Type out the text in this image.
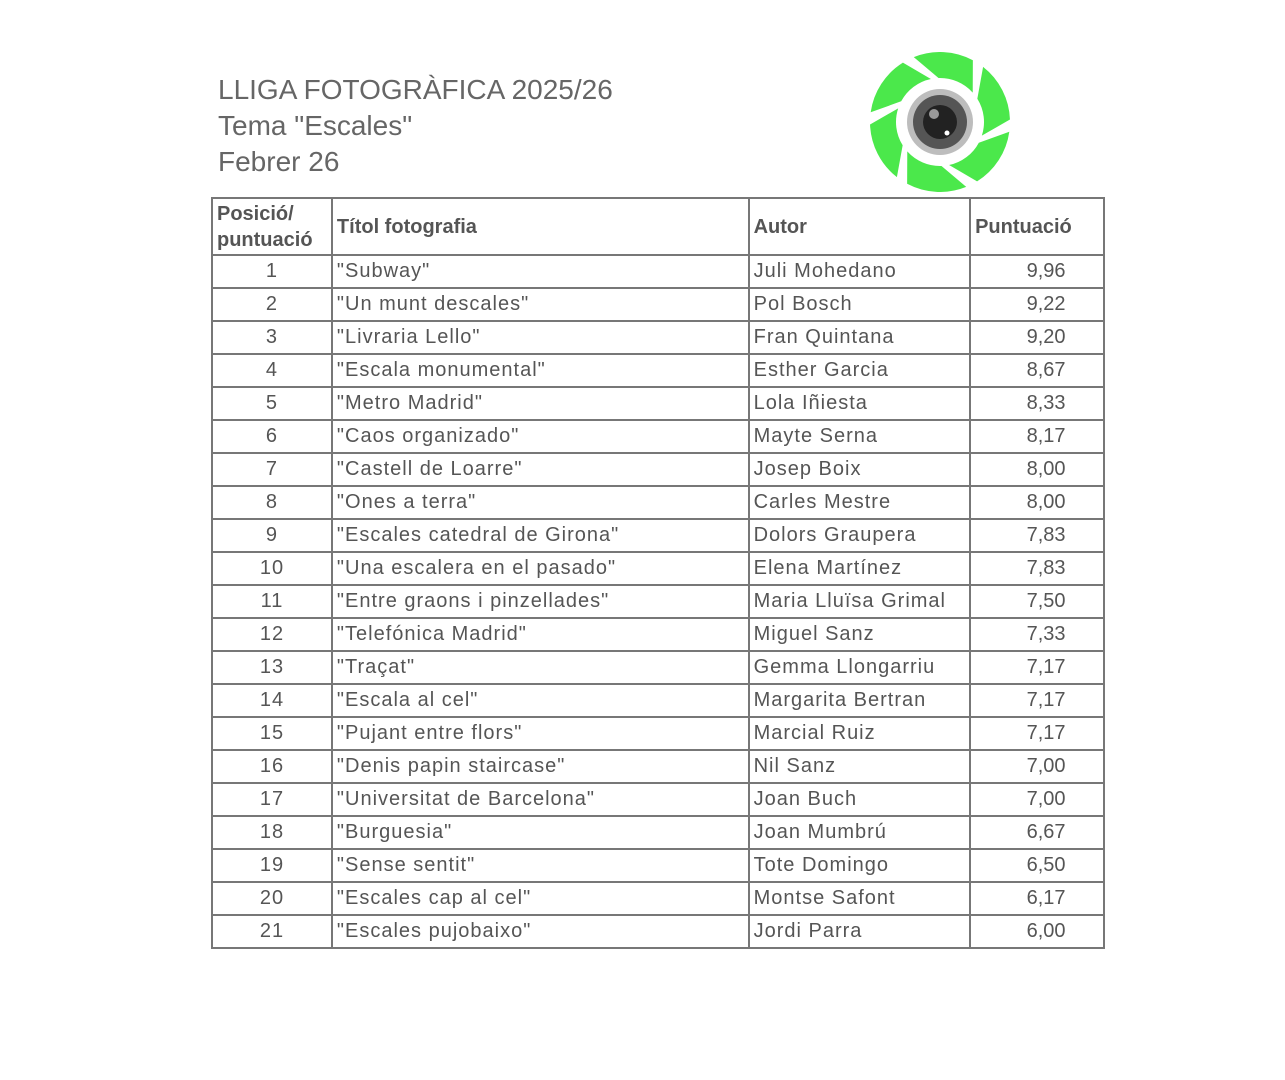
LLIGA FOTOGRÀFICA 2025/26
Tema "Escales"
Febrer 26
Posició/ puntuació	Títol fotografia	Autor	Puntuació
1	"Subway"	Juli Mohedano	9,96
2	"Un munt descales"	Pol Bosch	9,22
3	"Livraria Lello"	Fran Quintana	9,20
4	"Escala monumental"	Esther Garcia	8,67
5	"Metro Madrid"	Lola Iñiesta	8,33
6	"Caos organizado"	Mayte Serna	8,17
7	"Castell de Loarre"	Josep Boix	8,00
8	"Ones a terra"	Carles Mestre	8,00
9	"Escales catedral de Girona"	Dolors Graupera	7,83
10	"Una escalera en el pasado"	Elena Martínez	7,83
11	"Entre graons i pinzellades"	Maria Lluïsa Grimal	7,50
12	"Telefónica Madrid"	Miguel Sanz	7,33
13	"Traçat"	Gemma Llongarriu	7,17
14	"Escala al cel"	Margarita Bertran	7,17
15	"Pujant entre flors"	Marcial Ruiz	7,17
16	"Denis papin staircase"	Nil Sanz	7,00
17	"Universitat de Barcelona"	Joan Buch	7,00
18	"Burguesia"	Joan Mumbrú	6,67
19	"Sense sentit"	Tote Domingo	6,50
20	"Escales cap al cel"	Montse Safont	6,17
21	"Escales pujobaixo"	Jordi Parra	6,00
